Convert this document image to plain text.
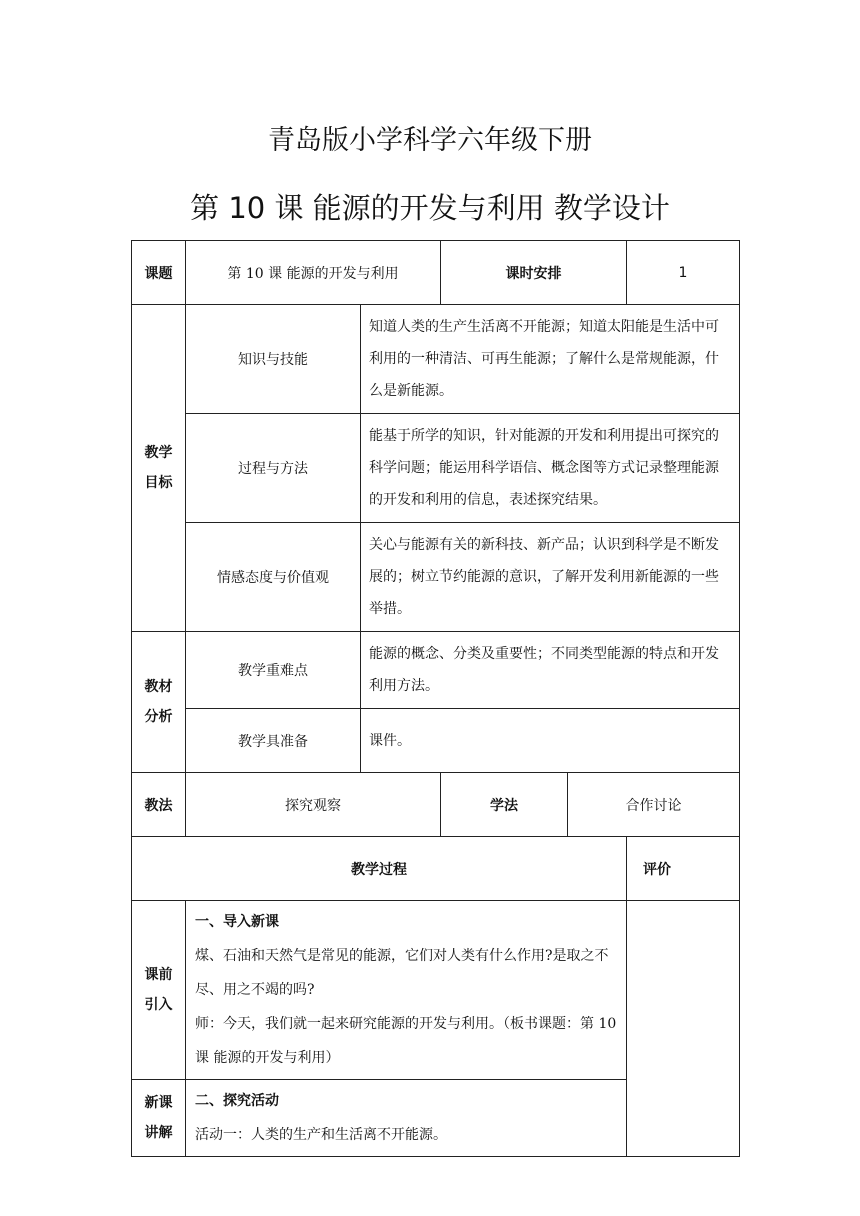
青岛版小学科学六年级下册
第 10 课 能源的开发与利用 教学设计
课题	第 10 课 能源的开发与利用		课时安排		1
教学目标	知识与技能	知道人类的生产生活离不开能源；知道太阳能是生活中可利用的一种清洁、可再生能源；了解什么是常规能源，什么是新能源。			
	过程与方法	能基于所学的知识，针对能源的开发和利用提出可探究的科学问题；能运用科学语信、概念图等方式记录整理能源的开发和利用的信息，表述探究结果。			
	情感态度与价值观	关心与能源有关的新科技、新产品；认识到科学是不断发展的；树立节约能源的意识，了解开发利用新能源的一些举措。			
教材分析	教学重难点	能源的概念、分类及重要性；不同类型能源的特点和开发利用方法。			
	教学具准备	课件。			
教法	探究观察		学法	合作讨论	
教学过程					评价
课前引入	一、导入新课
煤、石油和天然气是常见的能源，它们对人类有什么作用?是取之不尽、用之不竭的吗?
师：今天，我们就一起来研究能源的开发与利用。（板书课题：第 10 课 能源的开发与利用）				
新课讲解	二、探究活动
活动一：人类的生产和生活离不开能源。				
